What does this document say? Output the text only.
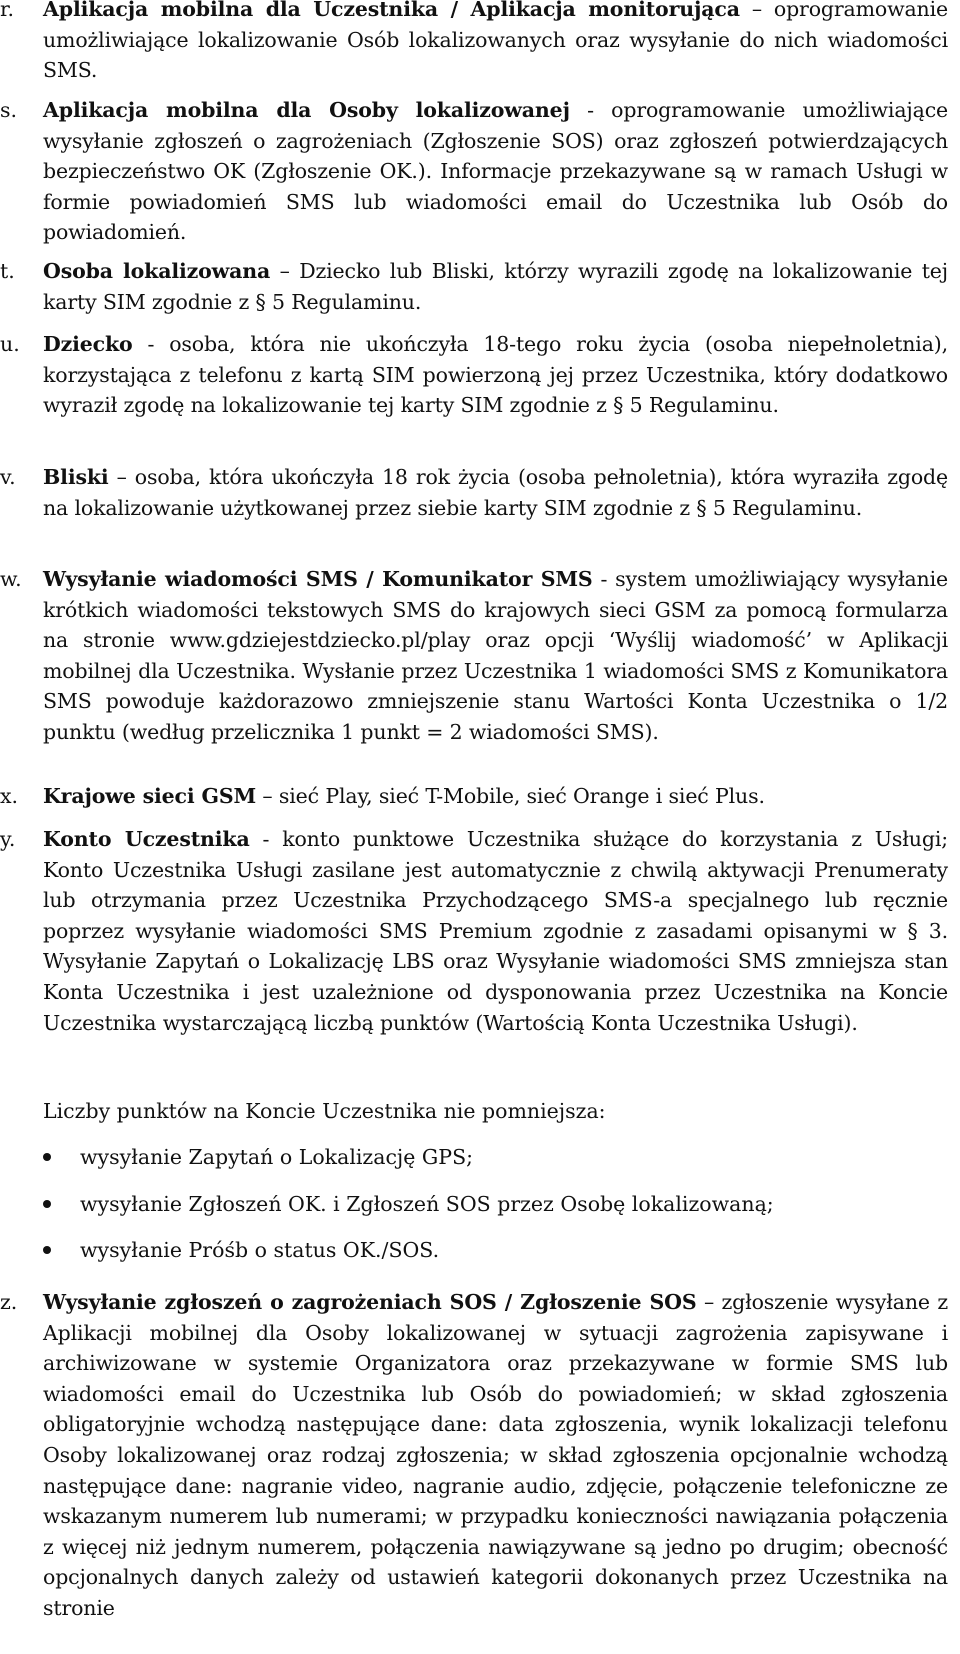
r. Aplikacja mobilna dla Uczestnika / Aplikacja monitorująca – oprogramowanie umożliwiające lokalizowanie Osób lokalizowanych oraz wysyłanie do nich wiadomości SMS.
s. Aplikacja mobilna dla Osoby lokalizowanej - oprogramowanie umożliwiające wysyłanie zgłoszeń o zagrożeniach (Zgłoszenie SOS) oraz zgłoszeń potwierdzających bezpieczeństwo OK (Zgłoszenie OK.). Informacje przekazywane są w ramach Usługi w formie powiadomień SMS lub wiadomości email do Uczestnika lub Osób do powiadomień.
t. Osoba lokalizowana – Dziecko lub Bliski, którzy wyrazili zgodę na lokalizowanie tej karty SIM zgodnie z § 5 Regulaminu.
u. Dziecko - osoba, która nie ukończyła 18-tego roku życia (osoba niepełnoletnia), korzystająca z telefonu z kartą SIM powierzoną jej przez Uczestnika, który dodatkowo wyraził zgodę na lokalizowanie tej karty SIM zgodnie z § 5 Regulaminu.
v. Bliski – osoba, która ukończyła 18 rok życia (osoba pełnoletnia), która wyraziła zgodę na lokalizowanie użytkowanej przez siebie karty SIM zgodnie z § 5 Regulaminu.
w. Wysyłanie wiadomości SMS / Komunikator SMS - system umożliwiający wysyłanie krótkich wiadomości tekstowych SMS do krajowych sieci GSM za pomocą formularza na stronie www.gdziejestdziecko.pl/play oraz opcji ‘Wyślij wiadomość’ w Aplikacji mobilnej dla Uczestnika. Wysłanie przez Uczestnika 1 wiadomości SMS z Komunikatora SMS powoduje każdorazowo zmniejszenie stanu Wartości Konta Uczestnika o 1/2 punktu (według przelicznika 1 punkt = 2 wiadomości SMS).
x. Krajowe sieci GSM – sieć Play, sieć T-Mobile, sieć Orange i sieć Plus.
y. Konto Uczestnika - konto punktowe Uczestnika służące do korzystania z Usługi; Konto Uczestnika Usługi zasilane jest automatycznie z chwilą aktywacji Prenumeraty lub otrzymania przez Uczestnika Przychodzącego SMS-a specjalnego lub ręcznie poprzez wysyłanie wiadomości SMS Premium zgodnie z zasadami opisanymi w § 3. Wysyłanie Zapytań o Lokalizację LBS oraz Wysyłanie wiadomości SMS zmniejsza stan Konta Uczestnika i jest uzależnione od dysponowania przez Uczestnika na Koncie Uczestnika wystarczającą liczbą punktów (Wartością Konta Uczestnika Usługi).
Liczby punktów na Koncie Uczestnika nie pomniejsza:
wysyłanie Zapytań o Lokalizację GPS;
wysyłanie Zgłoszeń OK. i Zgłoszeń SOS przez Osobę lokalizowaną;
wysyłanie Próśb o status OK./SOS.
z. Wysyłanie zgłoszeń o zagrożeniach SOS / Zgłoszenie SOS – zgłoszenie wysyłane z Aplikacji mobilnej dla Osoby lokalizowanej w sytuacji zagrożenia zapisywane i archiwizowane w systemie Organizatora oraz przekazywane w formie SMS lub wiadomości email do Uczestnika lub Osób do powiadomień; w skład zgłoszenia obligatoryjnie wchodzą następujące dane: data zgłoszenia, wynik lokalizacji telefonu Osoby lokalizowanej oraz rodzaj zgłoszenia; w skład zgłoszenia opcjonalnie wchodzą następujące dane: nagranie video, nagranie audio, zdjęcie, połączenie telefoniczne ze wskazanym numerem lub numerami; w przypadku konieczności nawiązania połączenia z więcej niż jednym numerem, połączenia nawiązywane są jedno po drugim; obecność opcjonalnych danych zależy od ustawień kategorii dokonanych przez Uczestnika na stronie
